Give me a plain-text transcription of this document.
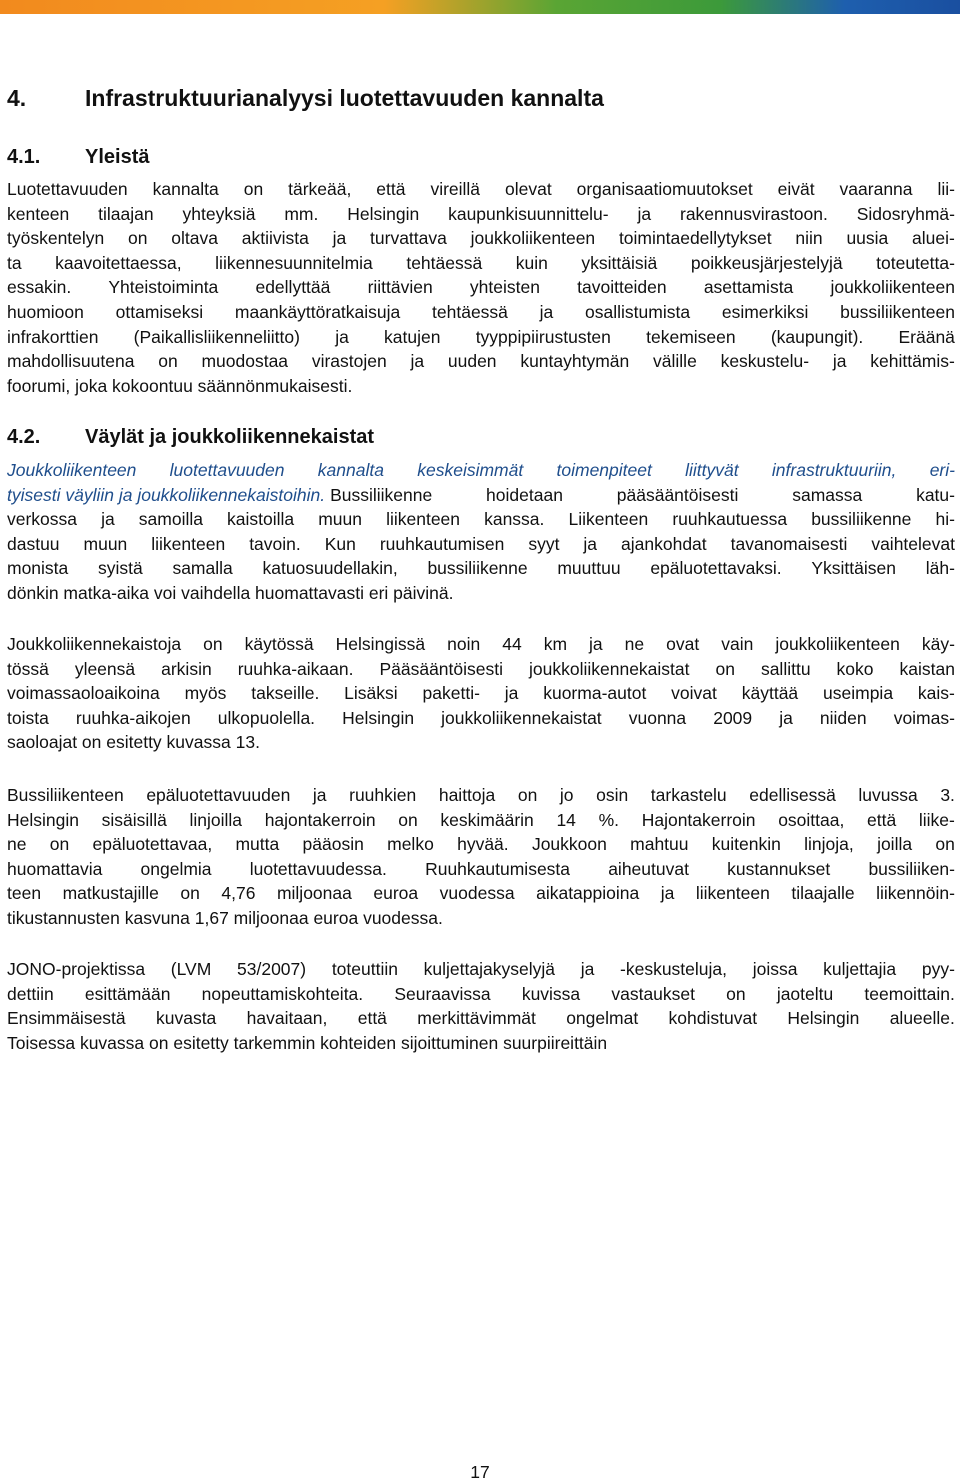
4.	Infrastruktuurianalyysi luotettavuuden kannalta
4.1. Yleistä
Luotettavuuden kannalta on tärkeää, että vireillä olevat organisaatiomuutokset eivät vaaranna lii-
kenteen tilaajan yhteyksiä mm. Helsingin kaupunkisuunnittelu- ja rakennusvirastoon. Sidosryhmä-
työskentelyn on oltava aktiivista ja turvattava joukkoliikenteen toimintaedellytykset niin uusia aluei-
ta kaavoitettaessa, liikennesuunnitelmia tehtäessä kuin yksittäisiä poikkeusjärjestelyjä toteutetta-
essakin. Yhteistoiminta edellyttää riittävien yhteisten tavoitteiden asettamista joukkoliikenteen
huomioon ottamiseksi maankäyttöratkaisuja tehtäessä ja osallistumista esimerkiksi bussiliikenteen
infrakorttien (Paikallisliikenneliitto) ja katujen tyyppipiirustusten tekemiseen (kaupungit). Eräänä
mahdollisuutena on muodostaa virastojen ja uuden kuntayhtymän välille keskustelu- ja kehittämis-
foorumi, joka kokoontuu säännönmukaisesti.
4.2. Väylät ja joukkoliikennekaistat
Joukkoliikenteen luotettavuuden kannalta keskeisimmät toimenpiteet liittyvät infrastruktuuriin, eri-
tyisesti väyliin ja joukkoliikennekaistoihin. Bussiliikenne	hoidetaan	pääsääntöisesti	samassa	katu-
verkossa ja samoilla kaistoilla muun liikenteen kanssa. Liikenteen ruuhkautuessa bussiliikenne hi-
dastuu muun liikenteen tavoin. Kun ruuhkautumisen syyt ja ajankohdat tavanomaisesti vaihtelevat
monista syistä samalla katuosuudellakin, bussiliikenne muuttuu epäluotettavaksi. Yksittäisen läh-
dönkin matka-aika voi vaihdella huomattavasti eri päivinä.
Joukkoliikennekaistoja on käytössä Helsingissä noin 44 km ja ne ovat vain joukkoliikenteen käy-
tössä yleensä arkisin ruuhka-aikaan. Pääsääntöisesti joukkoliikennekaistat on sallittu koko kaistan
voimassaoloaikoina myös takseille. Lisäksi paketti- ja kuorma-autot voivat käyttää useimpia kais-
toista ruuhka-aikojen ulkopuolella. Helsingin joukkoliikennekaistat vuonna 2009 ja niiden voimas-
saoloajat on esitetty kuvassa 13.
Bussiliikenteen epäluotettavuuden ja ruuhkien haittoja on jo osin tarkastelu edellisessä luvussa 3.
Helsingin sisäisillä linjoilla hajontakerroin on keskimäärin 14 %. Hajontakerroin osoittaa, että liike-
ne on epäluotettavaa, mutta pääosin melko hyvää. Joukkoon mahtuu kuitenkin linjoja, joilla on
huomattavia ongelmia luotettavuudessa. Ruuhkautumisesta aiheutuvat kustannukset bussiliiken-
teen matkustajille on 4,76 miljoonaa euroa vuodessa aikatappioina ja liikenteen tilaajalle liikennöin-
tikustannusten kasvuna 1,67 miljoonaa euroa vuodessa.
JONO-projektissa (LVM 53/2007) toteuttiin kuljettajakyselyjä ja -keskusteluja, joissa kuljettajia pyy-
dettiin esittämään nopeuttamiskohteita. Seuraavissa kuvissa vastaukset on jaoteltu teemoittain.
Ensimmäisestä kuvasta havaitaan, että merkittävimmät ongelmat kohdistuvat Helsingin alueelle.
Toisessa kuvassa on esitetty tarkemmin kohteiden sijoittuminen suurpiireittäin
17
